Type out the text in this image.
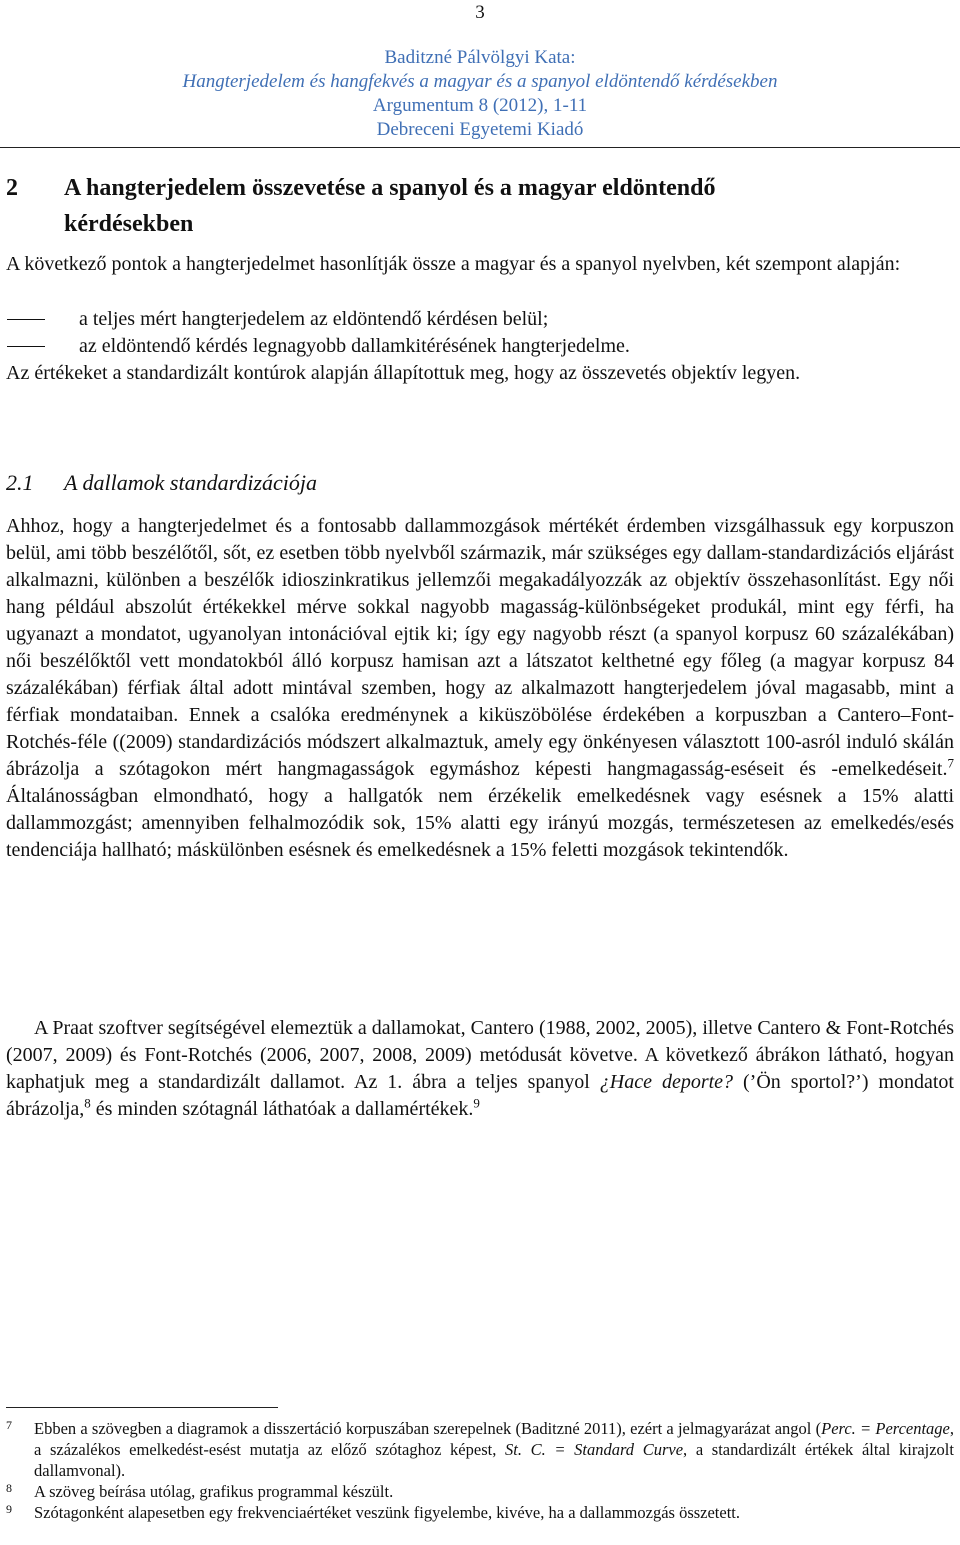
3
Baditzné Pálvölgyi Kata:
Hangterjedelem és hangfekvés a magyar és a spanyol eldöntendő kérdésekben
Argumentum 8 (2012), 1-11
Debreceni Egyetemi Kiadó
2 A hangterjedelem összevetése a spanyol és a magyar eldöntendő
kérdésekben

A következő pontok a hangterjedelmet hasonlítják össze a magyar és a spanyol nyelvben, két szempont alapján:

a teljes mért hangterjedelem az eldöntendő kérdésen belül;
az eldöntendő kérdés legnagyobb dallamkitérésének hangterjedelme.

Az értékeket a standardizált kontúrok alapján állapítottuk meg, hogy az összevetés objektív legyen.

2.1 A dallamok standardizációja

Ahhoz, hogy a hangterjedelmet és a fontosabb dallammozgások mértékét érdemben vizsgálhassuk egy korpuszon belül, ami több beszélőtől, sőt, ez esetben több nyelvből származik, már szükséges egy dallam-standardizációs eljárást alkalmazni, különben a beszélők idioszinkratikus jellemzői megakadályozzák az objektív összehasonlítást. Egy női hang például abszolút értékekkel mérve sokkal nagyobb magasság-különbségeket produkál, mint egy férfi, ha ugyanazt a mondatot, ugyanolyan intonációval ejtik ki; így egy nagyobb részt (a spanyol korpusz 60 százalékában) női beszélőktől vett mondatokból álló korpusz hamisan azt a látszatot kelthetné egy főleg (a magyar korpusz 84 százalékában) férfiak által adott mintával szemben, hogy az alkalmazott hangterjedelem jóval magasabb, mint a férfiak mondataiban. Ennek a csalóka eredménynek a kiküszöbölése érdekében a korpuszban a Cantero–Font-Rotchés-féle ((2009) standardizációs módszert alkalmaztuk, amely egy önkényesen választott 100-asról induló skálán ábrázolja a szótagokon mért hangmagasságok egymáshoz képesti hangmagasság-eséseit és -emelkedéseit.$^7$ Általánosságban elmondható, hogy a hallgatók nem érzékelik emelkedésnek vagy esésnek a 15% alatti dallammozgást; amennyiben felhalmozódik sok, 15% alatti egy irányú mozgás, természetesen az emelkedés/esés tendenciája hallható; máskülönben esésnek és emelkedésnek a 15% feletti mozgások tekintendők.

A Praat szoftver segítségével elemeztük a dallamokat, Cantero (1988, 2002, 2005), illetve Cantero & Font-Rotchés (2007, 2009) és Font-Rotchés (2006, 2007, 2008, 2009) metódusát követve. A következő ábrákon látható, hogyan kaphatjuk meg a standardizált dallamot. Az 1. ábra a teljes spanyol ¿Hace deporte? (’Ön sportol?’) mondatot ábrázolja,$^8$ és minden szótagnál láthatóak a dallamértékek.$^9$

7	Ebben a szövegben a diagramok a disszertáció korpuszában szerepelnek (Baditzné 2011), ezért a jelmagyarázat angol (Perc. = Percentage, a százalékos emelkedést-esést mutatja az előző szótaghoz képest, St. C. = Standard Curve, a standardizált értékek által kirajzolt dallamvonal).
8	A szöveg beírása utólag, grafikus programmal készült.
9	Szótagonként alapesetben egy frekvenciaértéket veszünk figyelembe, kivéve, ha a dallammozgás összetett.
